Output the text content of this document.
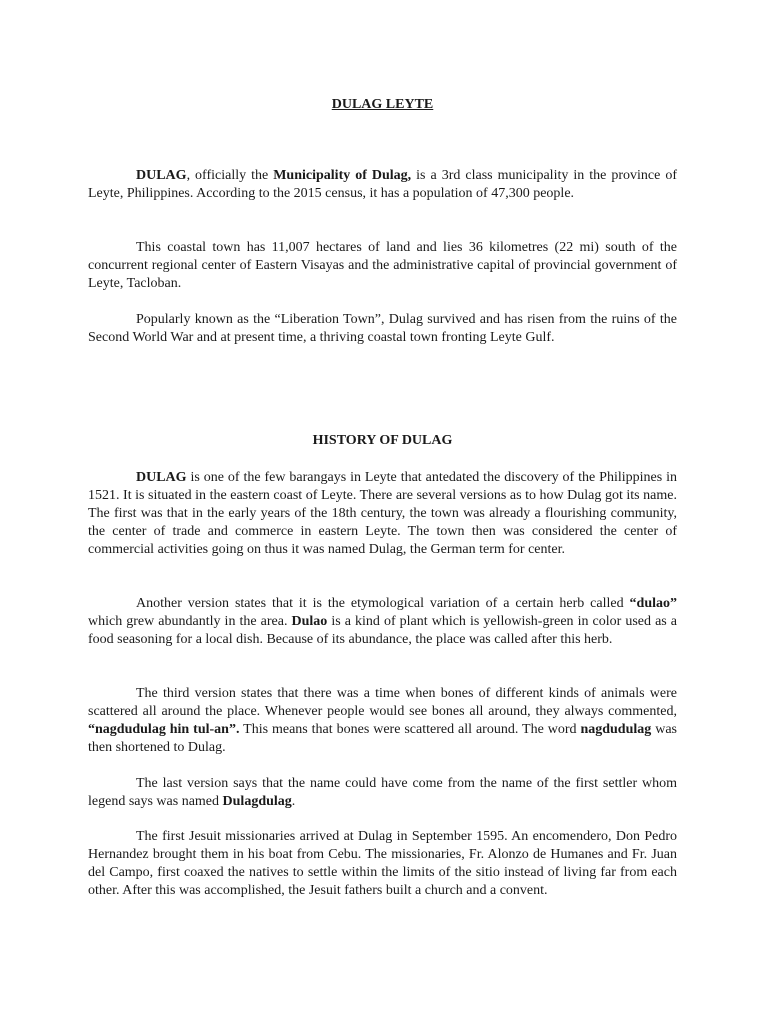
DULAG LEYTE

DULAG, officially the Municipality of Dulag, is a 3rd class municipality in the province of Leyte, Philippines. According to the 2015 census, it has a population of 47,300 people.

This coastal town has 11,007 hectares of land and lies 36 kilometres (22 mi) south of the concurrent regional center of Eastern Visayas and the administrative capital of provincial government of Leyte, Tacloban.

Popularly known as the “Liberation Town”, Dulag survived and has risen from the ruins of the Second World War and at present time, a thriving coastal town fronting Leyte Gulf.

HISTORY OF DULAG

DULAG is one of the few barangays in Leyte that antedated the discovery of the Philippines in 1521. It is situated in the eastern coast of Leyte. There are several versions as to how Dulag got its name. The first was that in the early years of the 18th century, the town was already a flourishing community, the center of trade and commerce in eastern Leyte. The town then was considered the center of commercial activities going on thus it was named Dulag, the German term for center.

Another version states that it is the etymological variation of a certain herb called “dulao” which grew abundantly in the area. Dulao is a kind of plant which is yellowish-green in color used as a food seasoning for a local dish. Because of its abundance, the place was called after this herb.

The third version states that there was a time when bones of different kinds of animals were scattered all around the place. Whenever people would see bones all around, they always commented, “nagdudulag hin tul-an”. This means that bones were scattered all around. The word nagdudulag was then shortened to Dulag.

The last version says that the name could have come from the name of the first settler whom legend says was named Dulagdulag.

The first Jesuit missionaries arrived at Dulag in September 1595. An encomendero, Don Pedro Hernandez brought them in his boat from Cebu. The missionaries, Fr. Alonzo de Humanes and Fr. Juan del Campo, first coaxed the natives to settle within the limits of the sitio instead of living far from each other. After this was accomplished, the Jesuit fathers built a church and a convent.
